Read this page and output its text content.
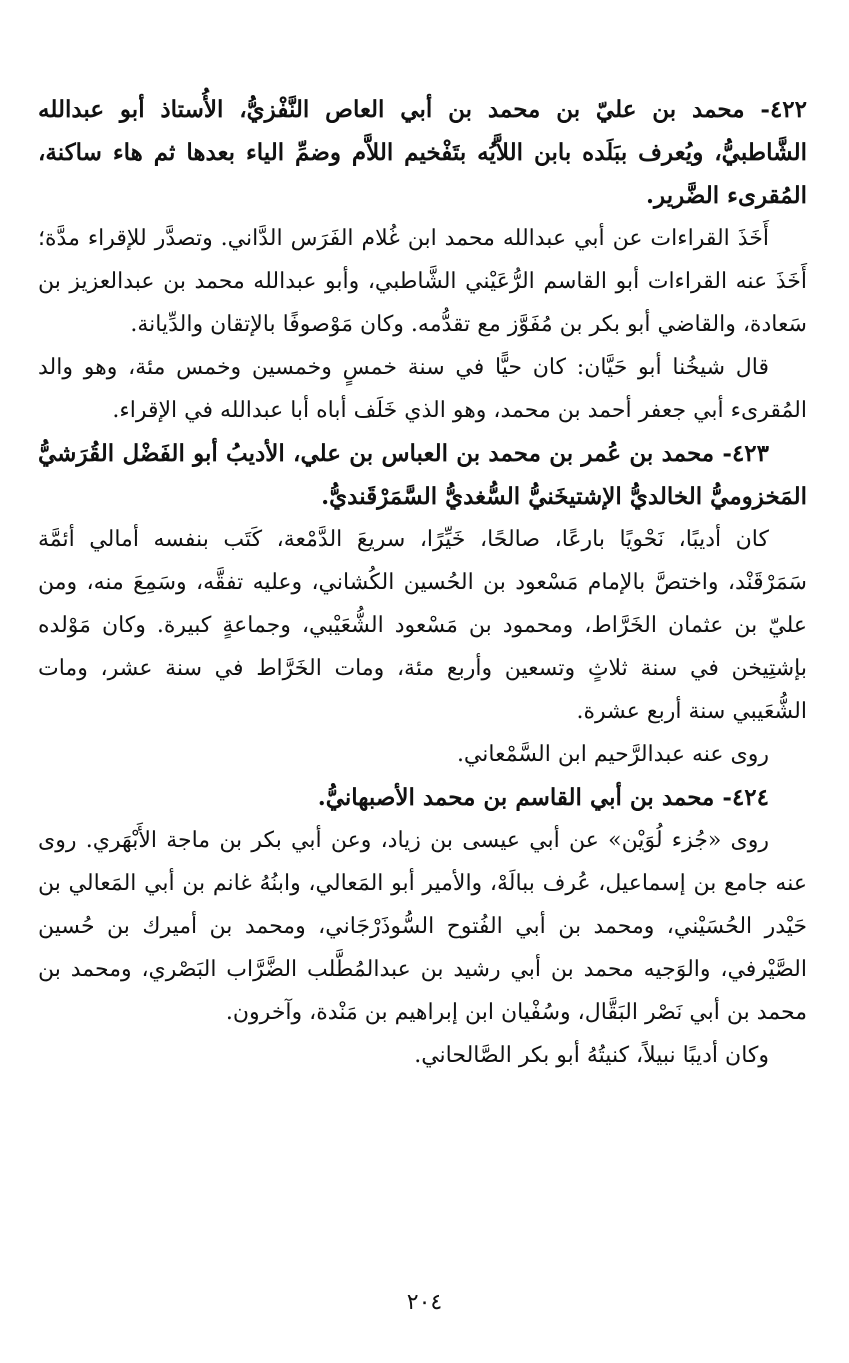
٤٢٢- محمد بن عليّ بن محمد بن أبي العاص النَّفْزيُّ، الأُستاذ أبو عبدالله الشَّاطبيُّ، ويُعرف ببَلَده بابن اللاَّيُه بتَفْخيم اللاَّم وضمِّ الياء بعدها ثم هاء ساكنة، المُقرىء الضَّرير.

أَخَذَ القراءات عن أبي عبدالله محمد ابن غُلام الفَرَس الدَّاني. وتصدَّر للإقراء مدَّة؛ أَخَذَ عنه القراءات أبو القاسم الرُّعَيْني الشَّاطبي، وأبو عبدالله محمد بن عبدالعزيز بن سَعادة، والقاضي أبو بكر بن مُفَوَّز مع تقدُّمه. وكان مَوْصوفًا بالإتقان والدِّيانة.

قال شيخُنا أبو حَيَّان: كان حيًّا في سنة خمسٍ وخمسين وخمس مئة، وهو والد المُقرىء أبي جعفر أحمد بن محمد، وهو الذي خَلَف أباه أبا عبدالله في الإقراء.

٤٢٣- محمد بن عُمر بن محمد بن العباس بن علي، الأديبُ أبو الفَضْل القُرَشيُّ المَخزوميُّ الخالديُّ الإشتيخَنيُّ السُّغديُّ السَّمَرْقَنديُّ.

كان أديبًا، نَحْويًا بارعًا، صالحًا، خَيِّرًا، سريعَ الدَّمْعة، كَتَب بنفسه أمالي أئمَّة سَمَرْقَنْد، واختصَّ بالإمام مَسْعود بن الحُسين الكُشاني، وعليه تفقَّه، وسَمِعَ منه، ومن عليّ بن عثمان الخَرَّاط، ومحمود بن مَسْعود الشُّعَيْبي، وجماعةٍ كبيرة. وكان مَوْلده بإشتِيخن في سنة ثلاثٍ وتسعين وأربع مئة، ومات الخَرَّاط في سنة عشر، ومات الشُّعَيبي سنة أربع عشرة.

روى عنه عبدالرَّحيم ابن السَّمْعاني.

٤٢٤- محمد بن أبي القاسم بن محمد الأصبهانيُّ.

روى «جُزء لُوَيْن» عن أبي عيسى بن زياد، وعن أبي بكر بن ماجة الأَبْهَري. روى عنه جامع بن إسماعيل، عُرف ببالَهْ، والأمير أبو المَعالي، وابنُهُ غانم بن أبي المَعالي بن حَيْدر الحُسَيْني، ومحمد بن أبي الفُتوح السُّوذَرْجَاني، ومحمد بن أميرك بن حُسين الصَّيْرفي، والوَجيه محمد بن أبي رشيد بن عبدالمُطَّلب الضَّرَّاب البَصْري، ومحمد بن محمد بن أبي نَصْر البَقَّال، وسُفْيان ابن إبراهيم بن مَنْدة، وآخرون.

وكان أديبًا نبيلاً، كنيتُهُ أبو بكر الصَّالحاني.

٢٠٤
